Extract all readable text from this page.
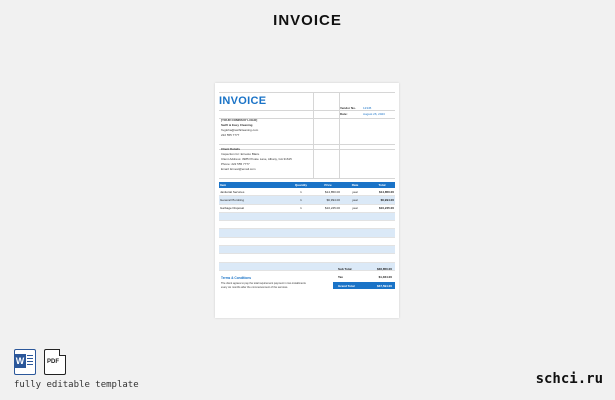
INVOICE
INVOICE
Vendor No. 12345
Date:	August 26, 2023
[YOUR COMPANY LOGO]
Swift & Easy Cleaning
hvgloha@swiftcleaning.com
222 555 7777
Client Details
Inspection for: Ernesto Blaze
Client Address: 3985 Private Lane, Albany, GA 31615
Phone: 222 555 7777
Email: Ernest@email.com
Item	Quantity	Price	Rate	Total
Janitorial Services	1	$14,850.00	year	$14,850.00
General Plumbing	1	$6,994.00	year	$6,994.00
Garbage Disposal	1	$10,245.00	year	$10,245.00

Sub Total	$36,850.00
Tax	$1,364.00
Grand Total	$37,594.00
Terms & Conditions
The client agrees to pay the total requirement payment in two installments every six months after the commencement of the services.
W	PDF
fully editable template	schci.ru
